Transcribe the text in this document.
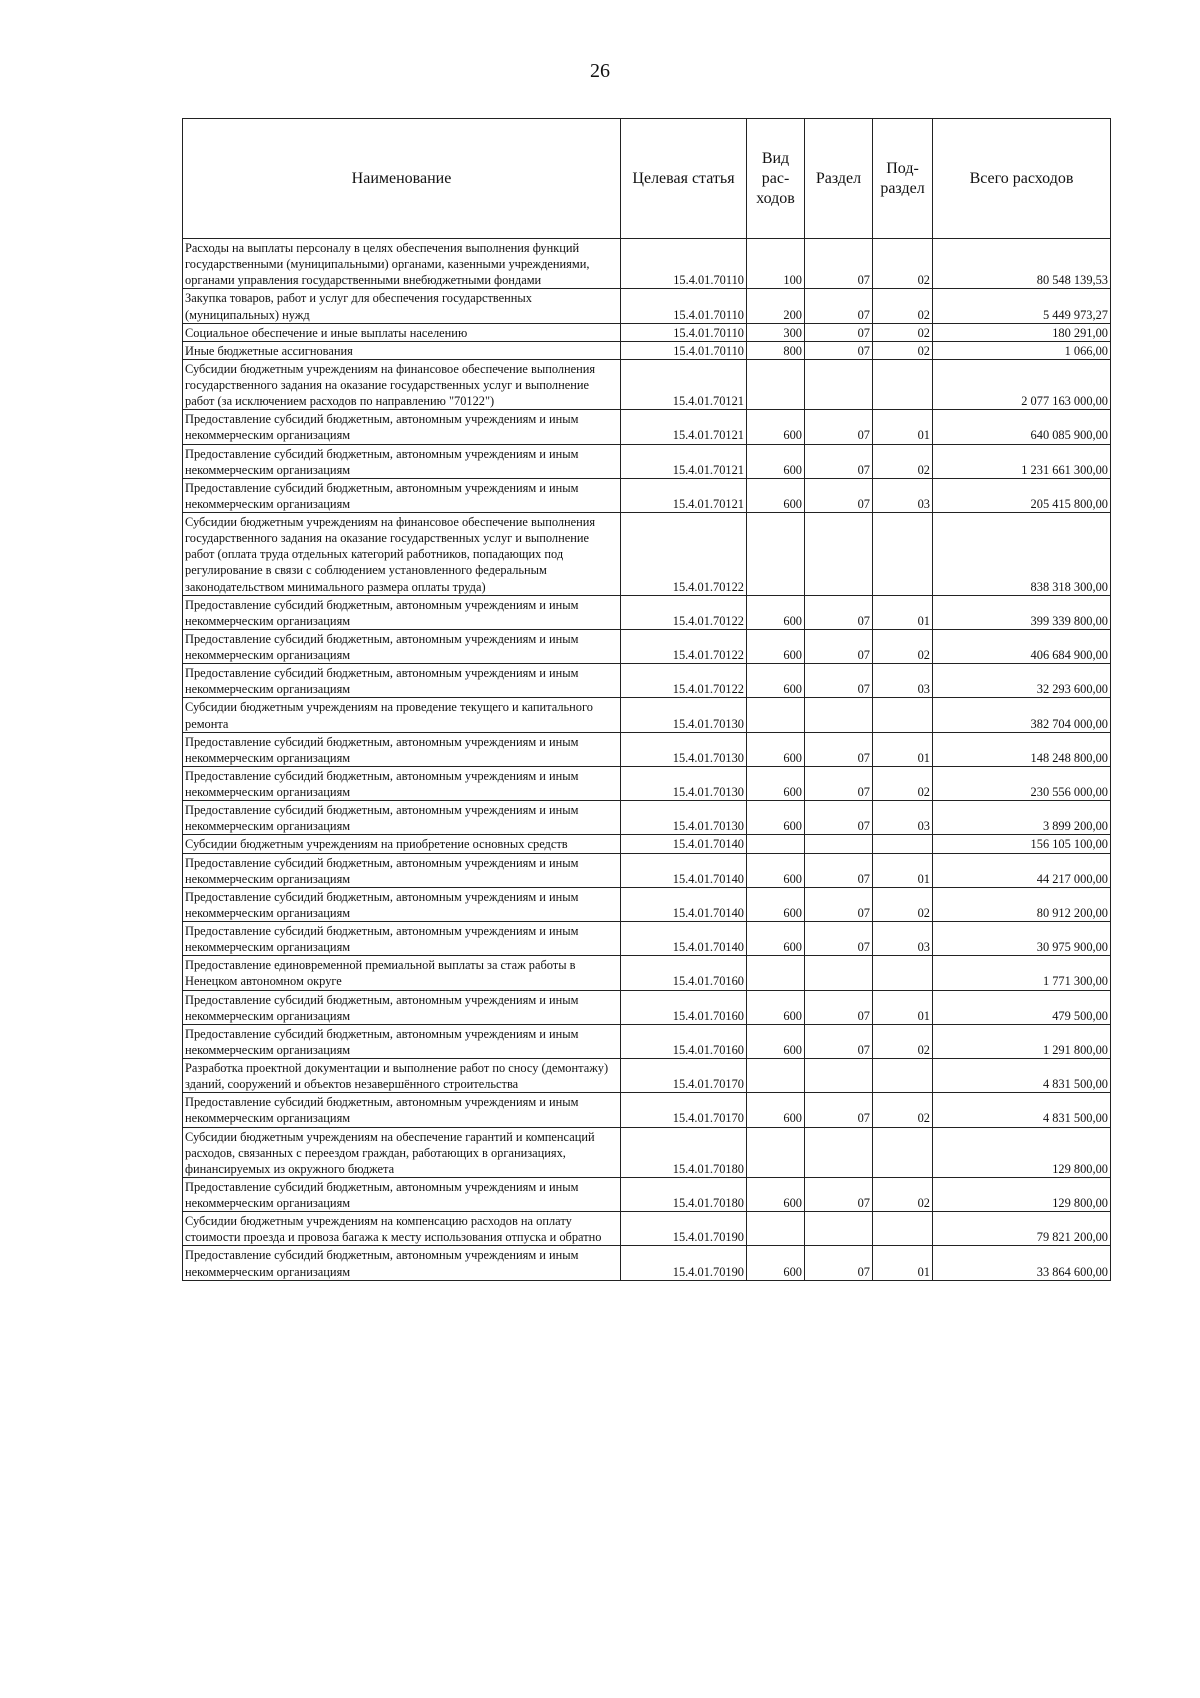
26
Наименование	Целевая статья	Вид рас- ходов	Раздел	Под- раздел	Всего расходов
Расходы на выплаты персоналу в целях обеспечения выполнения функций государственными (муниципальными) органами, казенными учреждениями, органами управления государственными внебюджетными фондами	15.4.01.70110	100	07	02	80 548 139,53
Закупка товаров, работ и услуг для обеспечения государственных (муниципальных) нужд	15.4.01.70110	200	07	02	5 449 973,27
Социальное обеспечение и иные выплаты населению	15.4.01.70110	300	07	02	180 291,00
Иные бюджетные ассигнования	15.4.01.70110	800	07	02	1 066,00
Субсидии бюджетным учреждениям на финансовое обеспечение выполнения государственного задания на оказание государственных услуг и выполнение работ (за исключением расходов по направлению "70122")	15.4.01.70121				2 077 163 000,00
Предоставление субсидий бюджетным, автономным учреждениям и иным некоммерческим организациям	15.4.01.70121	600	07	01	640 085 900,00
Предоставление субсидий бюджетным, автономным учреждениям и иным некоммерческим организациям	15.4.01.70121	600	07	02	1 231 661 300,00
Предоставление субсидий бюджетным, автономным учреждениям и иным некоммерческим организациям	15.4.01.70121	600	07	03	205 415 800,00
Субсидии бюджетным учреждениям на финансовое обеспечение выполнения государственного задания на оказание государственных услуг и выполнение работ (оплата труда отдельных категорий работников, попадающих под регулирование в связи с соблюдением установленного федеральным законодательством минимального размера оплаты труда)	15.4.01.70122				838 318 300,00
Предоставление субсидий бюджетным, автономным учреждениям и иным некоммерческим организациям	15.4.01.70122	600	07	01	399 339 800,00
Предоставление субсидий бюджетным, автономным учреждениям и иным некоммерческим организациям	15.4.01.70122	600	07	02	406 684 900,00
Предоставление субсидий бюджетным, автономным учреждениям и иным некоммерческим организациям	15.4.01.70122	600	07	03	32 293 600,00
Субсидии бюджетным учреждениям на проведение текущего и капитального ремонта	15.4.01.70130				382 704 000,00
Предоставление субсидий бюджетным, автономным учреждениям и иным некоммерческим организациям	15.4.01.70130	600	07	01	148 248 800,00
Предоставление субсидий бюджетным, автономным учреждениям и иным некоммерческим организациям	15.4.01.70130	600	07	02	230 556 000,00
Предоставление субсидий бюджетным, автономным учреждениям и иным некоммерческим организациям	15.4.01.70130	600	07	03	3 899 200,00
Субсидии бюджетным учреждениям на приобретение основных средств	15.4.01.70140				156 105 100,00
Предоставление субсидий бюджетным, автономным учреждениям и иным некоммерческим организациям	15.4.01.70140	600	07	01	44 217 000,00
Предоставление субсидий бюджетным, автономным учреждениям и иным некоммерческим организациям	15.4.01.70140	600	07	02	80 912 200,00
Предоставление субсидий бюджетным, автономным учреждениям и иным некоммерческим организациям	15.4.01.70140	600	07	03	30 975 900,00
Предоставление единовременной премиальной выплаты за стаж работы в Ненецком автономном округе	15.4.01.70160				1 771 300,00
Предоставление субсидий бюджетным, автономным учреждениям и иным некоммерческим организациям	15.4.01.70160	600	07	01	479 500,00
Предоставление субсидий бюджетным, автономным учреждениям и иным некоммерческим организациям	15.4.01.70160	600	07	02	1 291 800,00
Разработка проектной документации и выполнение работ по сносу (демонтажу) зданий, сооружений и объектов незавершённого строительства	15.4.01.70170				4 831 500,00
Предоставление субсидий бюджетным, автономным учреждениям и иным некоммерческим организациям	15.4.01.70170	600	07	02	4 831 500,00
Субсидии бюджетным учреждениям на обеспечение гарантий и компенсаций расходов, связанных с переездом граждан, работающих в организациях, финансируемых из окружного бюджета	15.4.01.70180				129 800,00
Предоставление субсидий бюджетным, автономным учреждениям и иным некоммерческим организациям	15.4.01.70180	600	07	02	129 800,00
Субсидии бюджетным учреждениям на компенсацию расходов на оплату стоимости проезда и провоза багажа к месту использования отпуска и обратно	15.4.01.70190				79 821 200,00
Предоставление субсидий бюджетным, автономным учреждениям и иным некоммерческим организациям	15.4.01.70190	600	07	01	33 864 600,00
